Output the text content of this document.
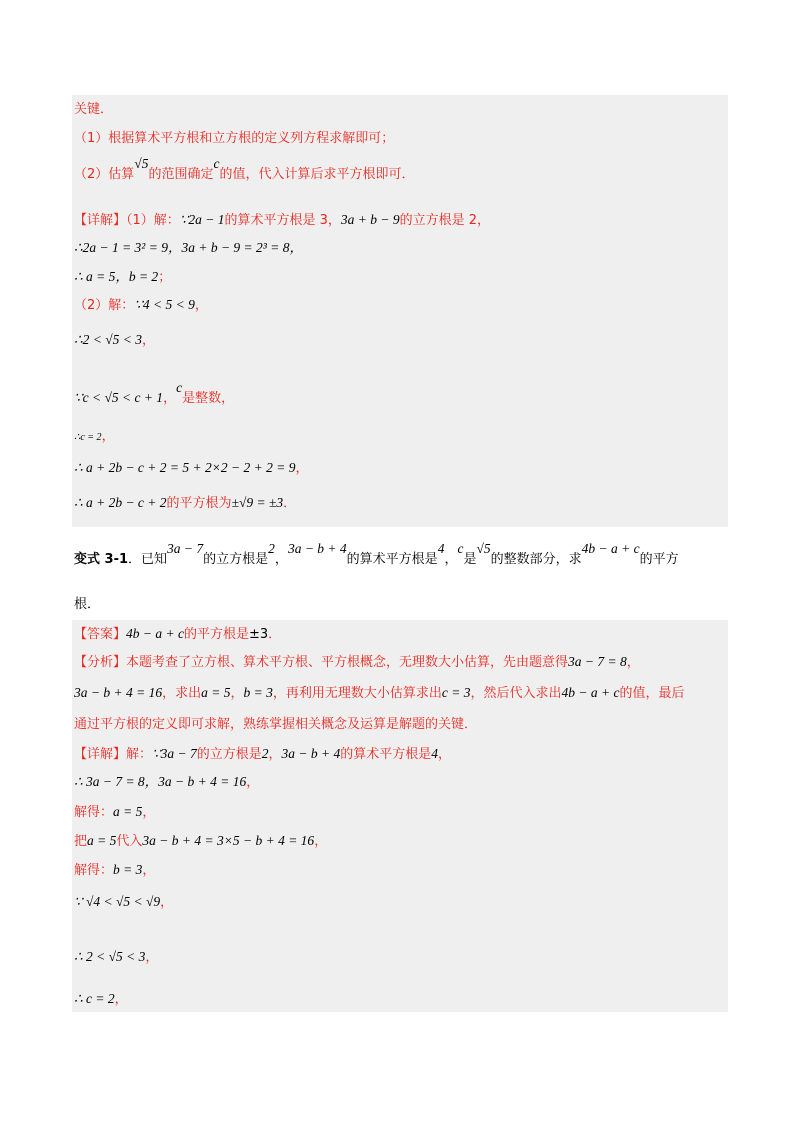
关键．
（1）根据算术平方根和立方根的定义列方程求解即可；
（2）估算√5的范围确定c的值，代入计算后求平方根即可．
【详解】（1）解：∵2a − 1的算术平方根是 3，3a + b − 9的立方根是 2，
∴2a − 1 = 3² = 9，3a + b − 9 = 2³ = 8，
∴ a = 5，b = 2；
（2）解：∵4 < 5 < 9，
∴2 < √5 < 3，
∵c < √5 < c + 1，c是整数，
∴c = 2，
∴ a + 2b − c + 2 = 5 + 2×2 − 2 + 2 = 9，
∴ a + 2b − c + 2的平方根为±√9 = ±3．
变式 3-1．已知3a − 7的立方根是2，3a − b + 4的算术平方根是4，c是√5的整数部分，求4b − a + c的平方
根．
【答案】4b − a + c的平方根是±3．
【分析】本题考查了立方根、算术平方根、平方根概念，无理数大小估算，先由题意得3a − 7 = 8，
3a − b + 4 = 16，求出a = 5，b = 3，再利用无理数大小估算求出c = 3，然后代入求出4b − a + c的值，最后
通过平方根的定义即可求解，熟练掌握相关概念及运算是解题的关键．
【详解】解：∵3a − 7的立方根是2，3a − b + 4的算术平方根是4，
∴ 3a − 7 = 8，3a − b + 4 = 16，
解得：a = 5，
把a = 5代入3a − b + 4 = 3×5 − b + 4 = 16，
解得：b = 3，
∵ √4 < √5 < √9，
∴ 2 < √5 < 3，
∴ c = 2，
